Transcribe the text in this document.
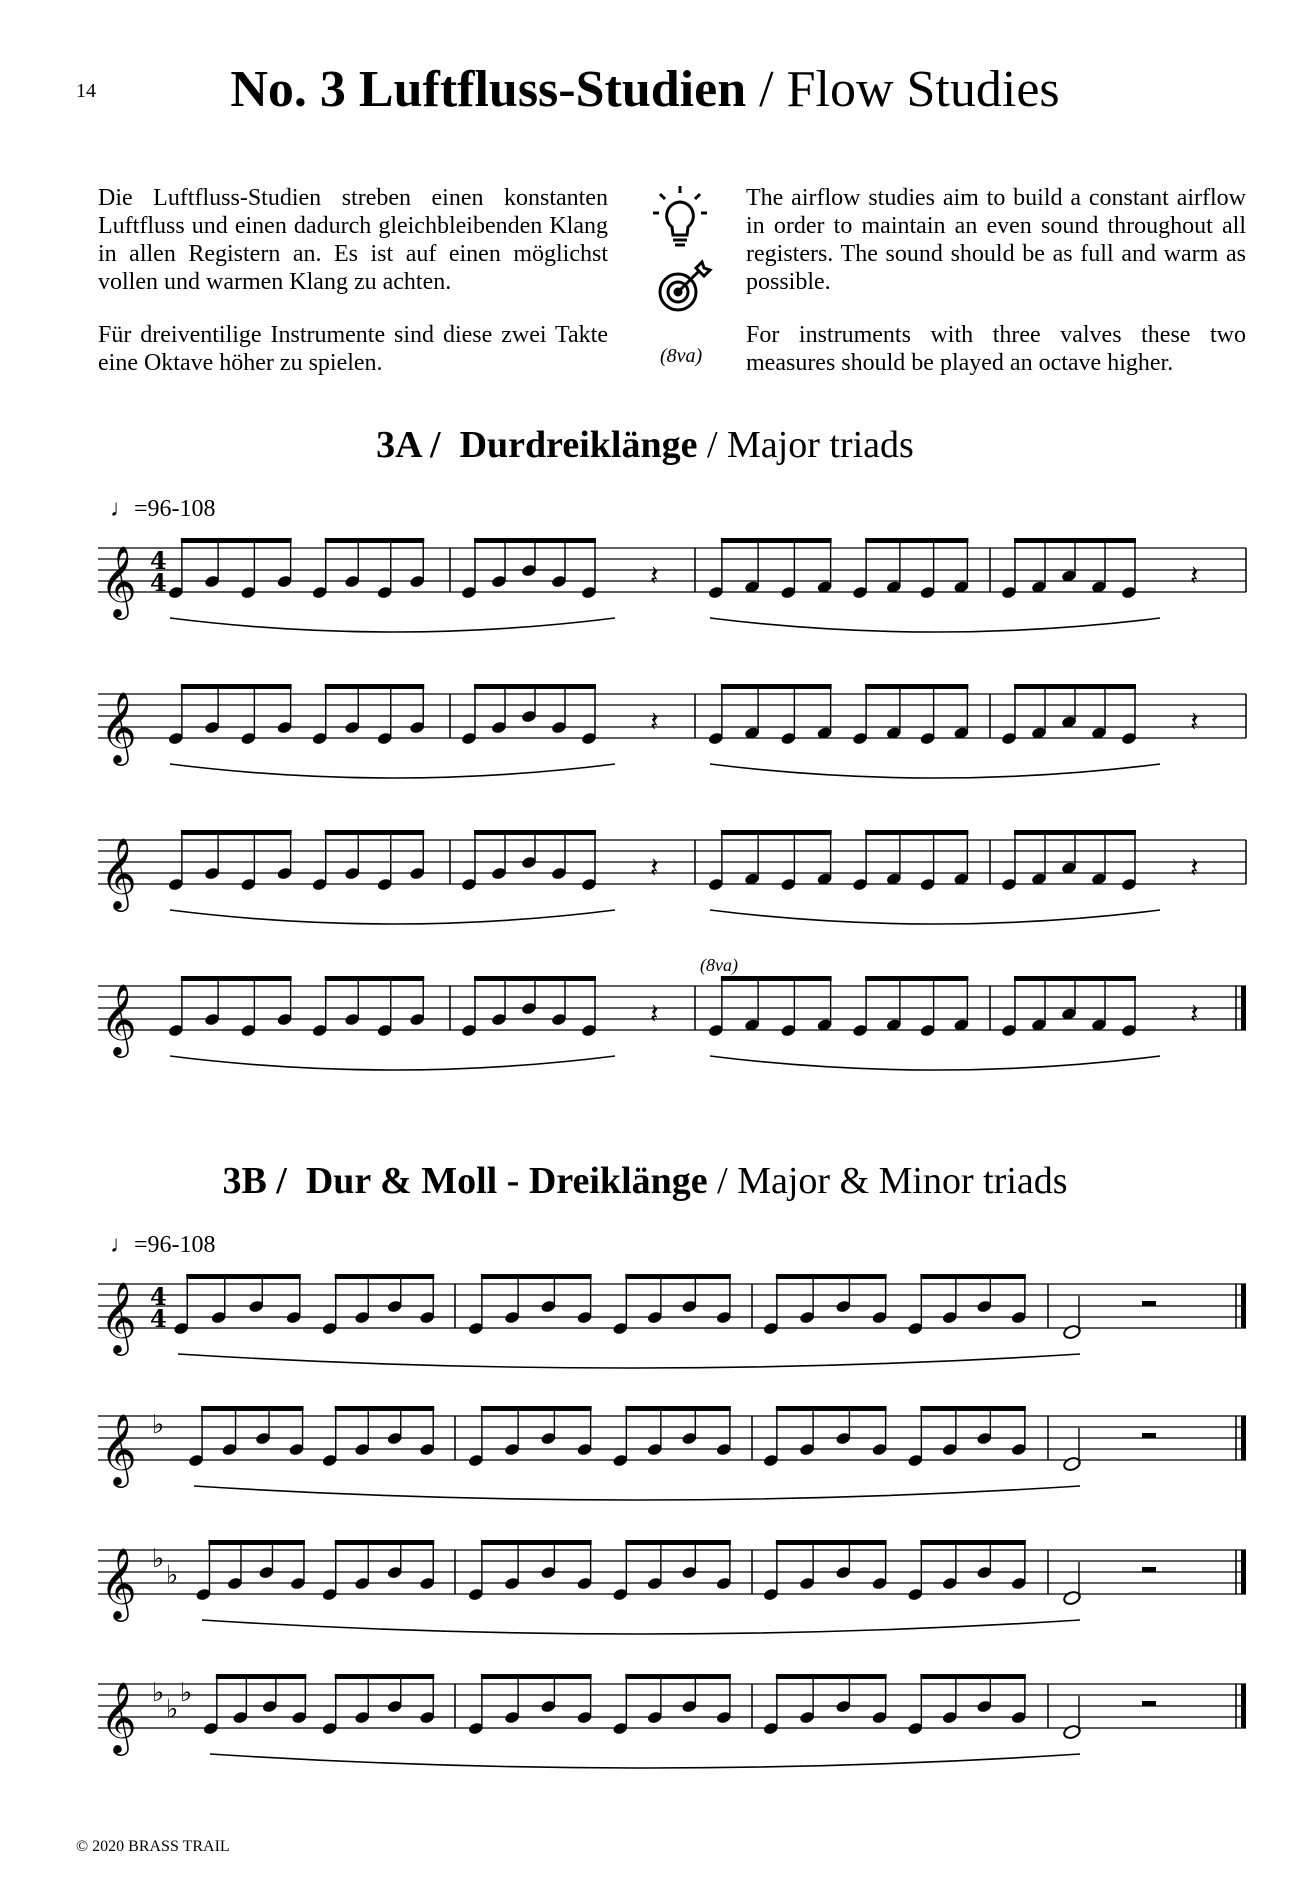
14	No. 3 Luftfluss-Studien / Flow Studies

Die Luftfluss-Studien streben einen konstanten Luftfluss und einen dadurch gleichbleibenden Klang in allen Registern an. Es ist auf einen möglichst vollen und warmen Klang zu achten.

Für dreiventilige Instrumente sind diese zwei Takte eine Oktave höher zu spielen.	(8va)

The airflow studies aim to build a constant airflow in order to maintain an even sound throughout all registers. The sound should be as full and warm as possible.

For instruments with three valves these two measures should be played an octave higher.

3A / Durdreiklänge / Major triads
♩=96-108
(8va)
3B / Dur & Moll - Dreiklänge / Major & Minor triads
♩=96-108
𝄞 4
4	𝄽	𝄽
𝄞	𝄽	𝄽
𝄞	𝄽	𝄽
𝄞	𝄽	𝄽
𝄞 4
4
𝄞 ♭
𝄞 ♭
♭
𝄞 ♭
♭
♭
© 2020 BRASS TRAIL
